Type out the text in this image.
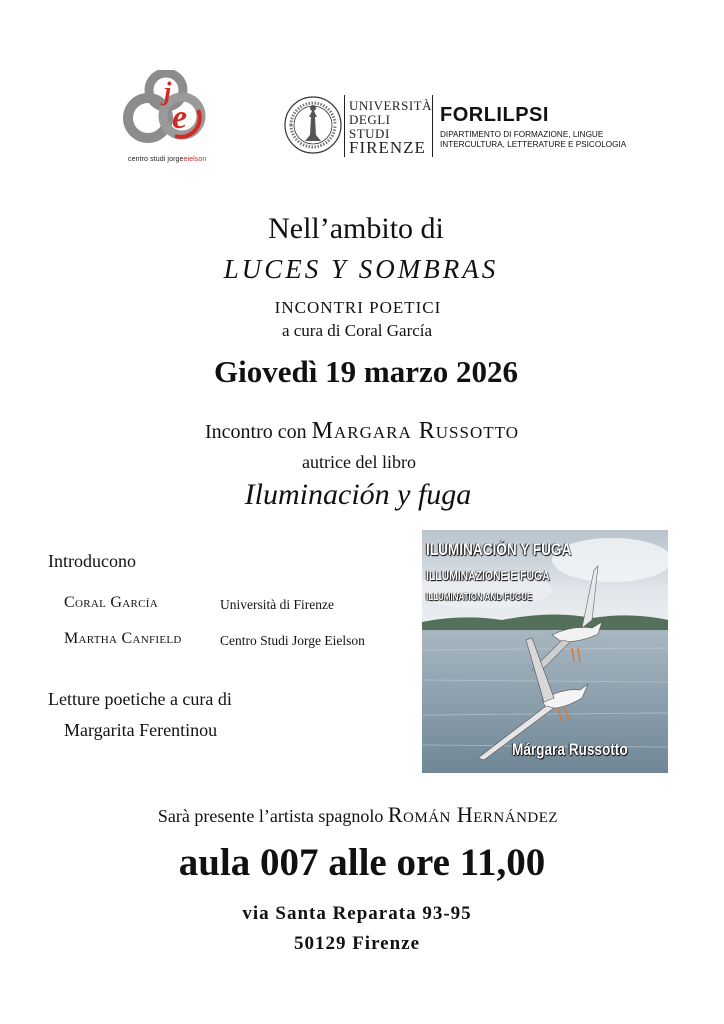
j
e
centro studi jorgeeielson
UNIVERSITÀ
DEGLI STUDI
FIRENZE
FORLILPSI
DIPARTIMENTO DI FORMAZIONE, LINGUE
INTERCULTURA, LETTERATURE E PSICOLOGIA
Nell’ambito di
LUCES Y SOMBRAS
INCONTRI POETICI
a cura di Coral García
Giovedì 19 marzo 2026
Incontro con Margara Russotto
autrice del libro
Iluminación y fuga
Introducono
Coral García	Università di Firenze
Martha Canfield	Centro Studi Jorge Eielson
Letture poetiche a cura di
Margarita Ferentinou
ILUMINACIÓN Y FUGA
ILLUMINAZIONE E FUGA
ILLUMINATION AND FUGUE
Márgara Russotto
Sarà presente l’artista spagnolo Román Hernández
aula 007 alle ore 11,00
via Santa Reparata 93-95
50129 Firenze
